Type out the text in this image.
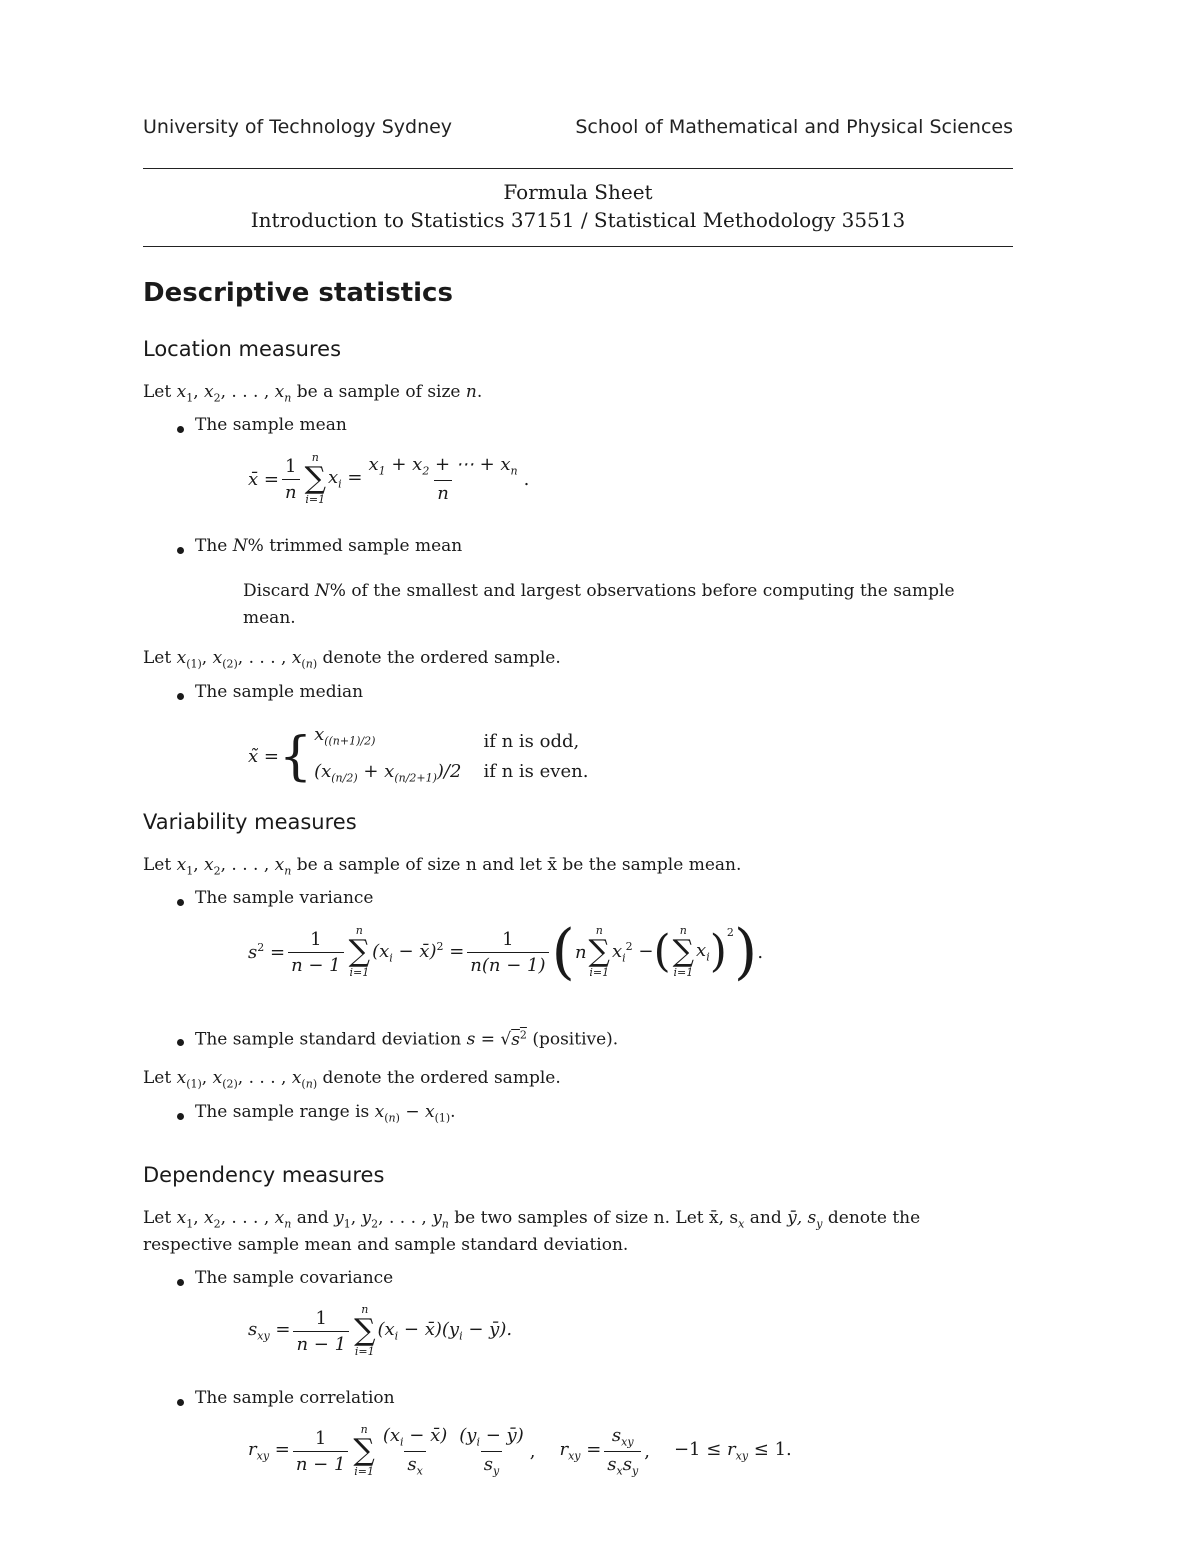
University of Technology Sydney	School of Mathematical and Physical Sciences
Formula Sheet
Introduction to Statistics 37151 / Statistical Methodology 35513
Descriptive statistics
Location measures
Let $x_1$, $x_2$, . . . , $x_n$ be a sample of size n.
The sample mean
x̄ = $\frac{1}{n}$ n
∑
i=1
$x_i = \frac{x_1 + x_2 + \cdots + x_n}{n}$ .
The N% trimmed sample mean
Discard N% of the smallest and largest observations before computing the sample
mean.
Let $x_{(1)}$, $x_{(2)}$, . . . , $x_{(n)}$ denote the ordered sample.
The sample median
x̃ = { $x_{((n+1)/2)}$
$(x_{(n/2)} + x_{(n/2+1)})/2$
if n is odd,
if n is even.
Variability measures
Let $x_1$, $x_2$, . . . , $x_n$ be a sample of size n and let x̄ be the sample mean.
The sample variance
$s^2 = \frac{1}{n - 1}$ n
∑
i=1
($x_i$ − x̄)$^2$ = $\frac{1}{n(n - 1)}$ ( n
n
∑
i=1
$x_i^2$ − ( n
∑
i=1
$x_i$ )$^2$ ) .
The sample standard deviation $s = √s^2$ (positive).
Let $x_{(1)}$, $x_{(2)}$, . . . , $x_{(n)}$ denote the ordered sample.
The sample range is $x_{(n)} - x_{(1)}$.
Dependency measures
Let $x_1$, $x_2$, . . . , $x_n$ and $y_1$, $y_2$, . . . , $y_n$ be two samples of size n. Let x̄, $s_x$ and ȳ, $s_y$ denote the
respective sample mean and sample standard deviation.
The sample covariance
$s_{xy} = \frac{1}{n - 1}$ n
∑
i=1
($x_i$ − $x̄)(y_i$ − ȳ).
The sample correlation
$r_{xy} = \frac{1}{n - 1}$ n
∑
$i=1 \frac{(x_i - x̄)}{s_x} \frac{(y_i - ȳ)}{s_y}$ , $r_{xy} = \frac{s_{xy}}{s_xs_y}$ , $-1 \le r_{xy} \le 1$.
